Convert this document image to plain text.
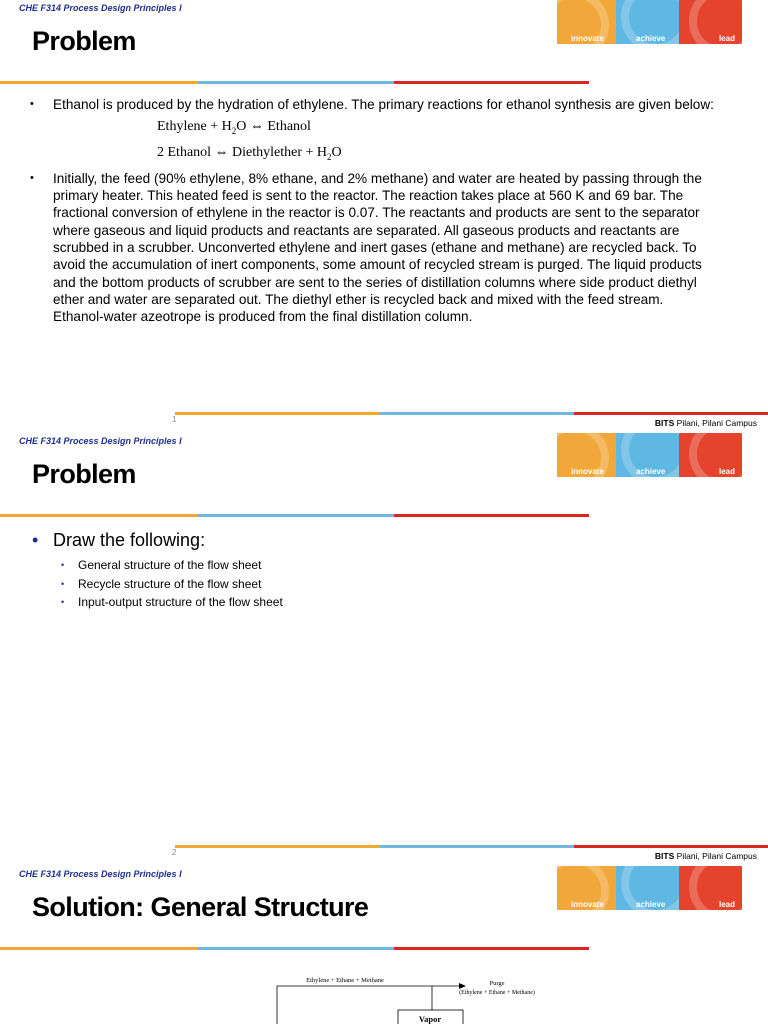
CHE F314 Process Design Principles I
Problem	innovate	achieve	lead
• Ethanol is produced by the hydration of ethylene. The primary reactions for ethanol synthesis are given below:
Ethylene + $H_2O$ ⇔ Ethanol
2 Ethanol ⇔ Diethylether + $H_2O$
• Initially, the feed (90% ethylene, 8% ethane, and 2% methane) and water are heated by passing through the primary heater. This heated feed is sent to the reactor. The reaction takes place at 560 K and 69 bar. The fractional conversion of ethylene in the reactor is 0.07. The reactants and products are sent to the separator where gaseous and liquid products and reactants are separated. All gaseous products and reactants are scrubbed in a scrubber. Unconverted ethylene and inert gases (ethane and methane) are recycled back. To avoid the accumulation of inert components, some amount of recycled stream is purged. The liquid products and the bottom products of scrubber are sent to the series of distillation columns where side product diethyl ether and water are separated out. The diethyl ether is recycled back and mixed with the feed stream. Ethanol-water azeotrope is produced from the final distillation column.
1	BITS Pilani, Pilani Campus
CHE F314 Process Design Principles I
Problem	innovate	achieve	lead
• Draw the following:
• General structure of the flow sheet
• Recycle structure of the flow sheet
• Input-output structure of the flow sheet
2	BITS Pilani, Pilani Campus
CHE F314 Process Design Principles I
Solution: General Structure	innovate	achieve	lead
Ethylene + Ethane + Methane	Purge
(Ethylene + Ethane + Methane)
Vapor
